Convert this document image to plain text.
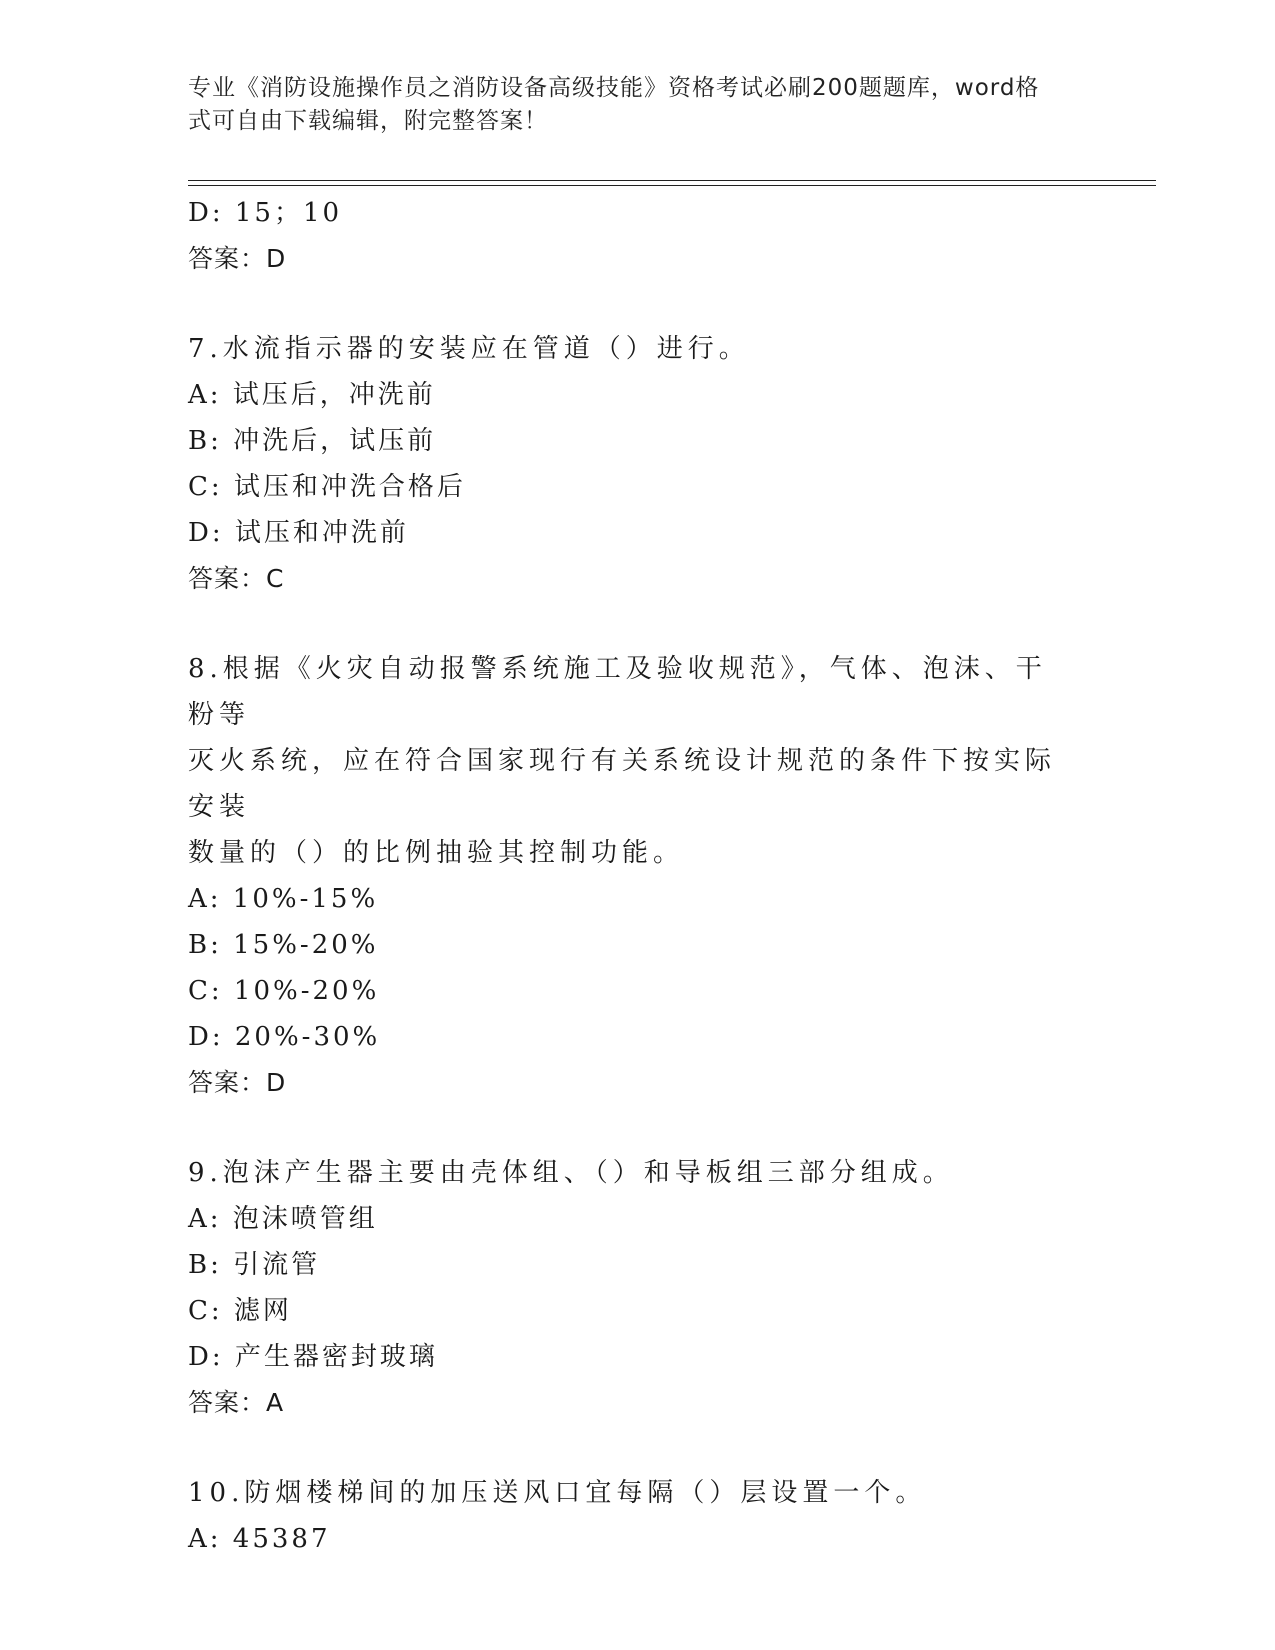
专业《消防设施操作员之消防设备高级技能》资格考试必刷200题题库，word格
式可自由下载编辑，附完整答案！
D: 15；10
答案：D
7.水流指示器的安装应在管道（）进行。
A: 试压后，冲洗前
B: 冲洗后，试压前
C: 试压和冲洗合格后
D: 试压和冲洗前
答案：C
8.根据《火灾自动报警系统施工及验收规范》，气体、泡沫、干粉等
灭火系统，应在符合国家现行有关系统设计规范的条件下按实际安装
数量的（）的比例抽验其控制功能。
A: 10%-15%
B: 15%-20%
C: 10%-20%
D: 20%-30%
答案：D
9.泡沫产生器主要由壳体组、（）和导板组三部分组成。
A: 泡沫喷管组
B: 引流管
C: 滤网
D: 产生器密封玻璃
答案：A
10.防烟楼梯间的加压送风口宜每隔（）层设置一个。
A: 45387
